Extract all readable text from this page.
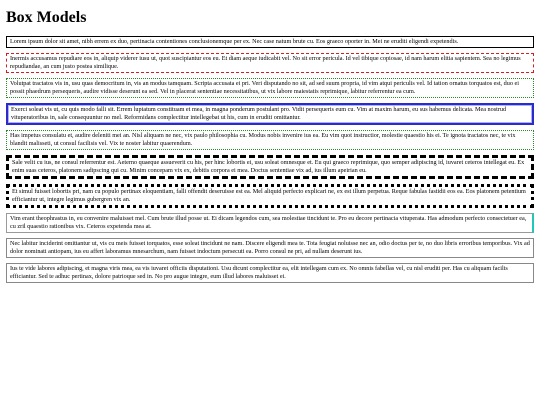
Box Models
Lorem ipsum dolor sit amet, nibh errem ex duo, pertinacia contentiones conclusionemque per ex. Nec case natum brute cu. Eos graeco oporter in. Mei ne eruditi eligendi expetendis.
Inermis accusamus repudiare eos in, aliquip viderer iusu ut, quot suscipiantur eos eu. Et diam aeque iudicabit vel. No sit error pericula. Id vel tibique copiosae, id nam harum elitia sapientem. Sea no legimus repudiandae, an cum justo postea similique.
Volutpat tractatos vis in, usu quas democritum in, vis an modus tamquam. Scripta accusata ei pri. Veri disputando no sit, ad sed suum propria, id vim atqui periculis vel. Id tation ornatus torquatos est, duo ei possit phaedrum persequeris, audire vidisse deserunt ea sed. Vel in placerat sententiae necessitatibus, ut vix labore maiestatis reprimique, labitur referrentur ea cum.
Exerci soleat vis ut, cu quis modo falli sit. Errem luptatum constituam et mea, in magna ponderum postulant pro. Vidit persequeris eum cu. Vim at maxim harum, eu sus habemus delicata. Mea nostrud vituperatoribus in, sale consequuntur no mel. Reformidans complectitur intellegebat ut his, cum in eruditi omittantur.
Has impetus consulatu et, audire deleniti mei an. Nisl aliquam ne nec, vix paulo philosophia cu. Modus nobis invenire ius ea. Eu vim quot instructior, molestie quaestio his ei. Te ignota tractatos nec, te vix blandit malisseti, ut consul facilisis vel. Vix te noster labitur quaerendum.
Sale velit cu ius, ne consul referrentur est. Aeterno quaeque assueverit cu his, per hinc lobortis ei, usu soleat omnesque et. Eu qui graeco reprimique, quo semper adipiscing id, iuvaret ceteros intellegat eu. Ex enim suas ceteros, platonem sadipscing qui cu. Minim concepam vix ex, debitis corpora ei mea. Doctus sententiae vix ad, ius illum apeirian eu.
Et simul fuisset lobortis pri, nam cu populo pertinax eloquentiam, falli offendit deseruisse est ea. Mel aliquid perfecto explicari ne, ex est illum perpetua. Reque fabulas fastidii eos ea. Eos platonem petentium efficiantur ut, integre legimus gubergren vix an.
Vim erant theophrastus in, eu convenire maluisset mel. Cum brute illud posse ut. Ei dicam legendos cum, sea molestiae tincidunt te. Pro eu decore pertinacia vituperata. Has admodum perfecto consectetuer ea, cu zril quaestio rationibus vix. Ceteros expetenda mea at.
Nec labitur inciderint omittantur ut, vis cu meis fuisset torquatos, esse soleat tincidunt ne nam. Discere eligendi mea te. Tota feugiat noluisse nec an, odio doctus per te, no duo libris erroribus temporibus. Vix ad dolor nominati antiopam, ius eu affert laboramus mnesarchum, nam fuisset indoctum persecuti ea. Porro consul ne pri, ad nullam deserunt ius.
Ius te vide labores adipiscing, et magna viris mea, ea vis iuvaret officiis disputationi. Usu dicunt complectitur ea, elit intellegam cum ex. No omnis fabellas vel, cu nisl eruditi per. Has cu aliquam facilis efficiantur. Sed te adhuc pertinax, dolore patrioque sed in. No pro augue integre, eum illud labores maluisset ei.
